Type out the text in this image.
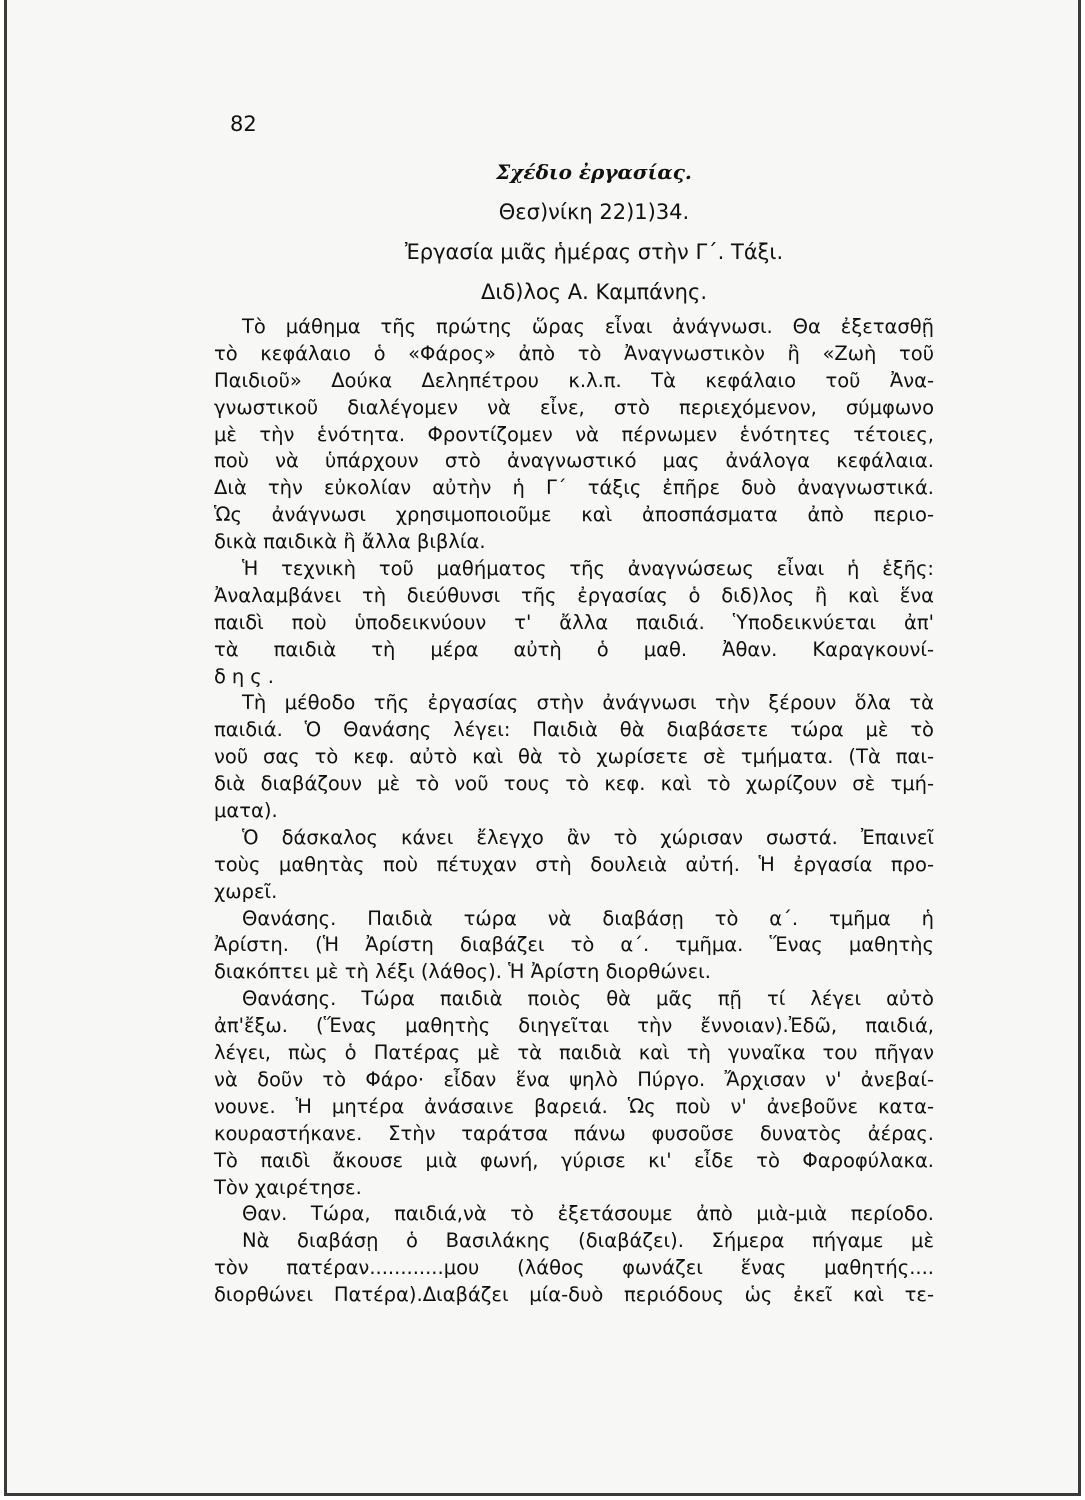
82
Σχέδιο ἐργασίας.
Θεσ)νίκη 22)1)34.
Ἐργασία μιᾶς ἡμέρας στὴν Γ΄. Τάξι.
Διδ)λος Α. Καμπάνης.
Τὸ μάθημα τῆς πρώτης ὥρας εἶναι ἀνάγνωσι. Θα ἐξετασθῇ
τὸ κεφάλαιο ὁ «Φάρος» ἀπὸ τὸ Ἀναγνωστικὸν ἢ «Ζωὴ τοῦ
Παιδιοῦ» Δούκα Δεληπέτρου κ.λ.π. Τὰ κεφάλαιο τοῦ Ἀνα-
γνωστικοῦ διαλέγομεν νὰ εἶνε, στὸ περιεχόμενον, σύμφωνο
μὲ τὴν ἑνότητα. Φροντίζομεν νὰ πέρνωμεν ἑνότητες τέτοιες,
ποὺ νὰ ὑπάρχουν στὸ ἀναγνωστικό μας ἀνάλογα κεφάλαια.
Διὰ τὴν εὐκολίαν αὐτὴν ἡ Γ΄ τάξις ἐπῆρε δυὸ ἀναγνωστικά.
Ὡς ἀνάγνωσι χρησιμοποιοῦμε καὶ ἀποσπάσματα ἀπὸ περιο-
δικὰ παιδικὰ ἢ ἄλλα βιβλία.
Ἡ τεχνικὴ τοῦ μαθήματος τῆς ἀναγνώσεως εἶναι ἡ ἑξῆς:
Ἀναλαμβάνει τὴ διεύθυνσι τῆς ἐργασίας ὁ διδ)λος ἢ καὶ ἕνα
παιδὶ ποὺ ὑποδεικνύουν τ' ἄλλα παιδιά. Ὑποδεικνύεται ἀπ'
τὰ παιδιὰ τὴ μέρα αὐτὴ ὁ μαθ. Ἀθαν. Καραγκουνί-
δης.
Τὴ μέθοδο τῆς ἐργασίας στὴν ἀνάγνωσι τὴν ξέρουν ὅλα τὰ
παιδιά. Ὁ Θανάσης λέγει: Παιδιὰ θὰ διαβάσετε τώρα μὲ τὸ
νοῦ σας τὸ κεφ. αὐτὸ καὶ θὰ τὸ χωρίσετε σὲ τμήματα. (Τὰ παι-
διὰ διαβάζουν μὲ τὸ νοῦ τους τὸ κεφ. καὶ τὸ χωρίζουν σὲ τμή-
ματα).
Ὁ δάσκαλος κάνει ἔλεγχο ἂν τὸ χώρισαν σωστά. Ἐπαινεῖ
τοὺς μαθητὰς ποὺ πέτυχαν στὴ δουλειὰ αὐτή. Ἡ ἐργασία προ-
χωρεῖ.
Θανάσης. Παιδιὰ τώρα νὰ διαβάσῃ τὸ α΄. τμῆμα ἡ
Ἀρίστη. (Ἡ Ἀρίστη διαβάζει τὸ α΄. τμῆμα. Ἕνας μαθητὴς
διακόπτει μὲ τὴ λέξι (λάθος). Ἡ Ἀρίστη διορθώνει.
Θανάσης. Τώρα παιδιὰ ποιὸς θὰ μᾶς πῇ τί λέγει αὐτὸ
ἀπ'ἔξω. (Ἕνας μαθητὴς διηγεῖται τὴν ἔννοιαν).Ἐδῶ, παιδιά,
λέγει, πὼς ὁ Πατέρας μὲ τὰ παιδιὰ καὶ τὴ γυναῖκα του πῆγαν
νὰ δοῦν τὸ Φάρο· εἶδαν ἕνα ψηλὸ Πύργο. Ἄρχισαν ν' ἀνεβαί-
νουνε. Ἡ μητέρα ἀνάσαινε βαρειά. Ὡς ποὺ ν' ἀνεβοῦνε κατα-
κουραστήκανε. Στὴν ταράτσα πάνω φυσοῦσε δυνατὸς ἀέρας.
Τὸ παιδὶ ἄκουσε μιὰ φωνή, γύρισε κι' εἶδε τὸ Φαροφύλακα.
Τὸν χαιρέτησε.
Θαν. Τώρα, παιδιά,νὰ τὸ ἐξετάσουμε ἀπὸ μιὰ-μιὰ περίοδο.
Νὰ διαβάσῃ ὁ Βασιλάκης (διαβάζει). Σήμερα πήγαμε μὲ
τὸν πατέραν............μου (λάθος φωνάζει ἕνας μαθητής....
διορθώνει Πατέρα).Διαβάζει μία-δυὸ περιόδους ὡς ἐκεῖ καὶ τε-
